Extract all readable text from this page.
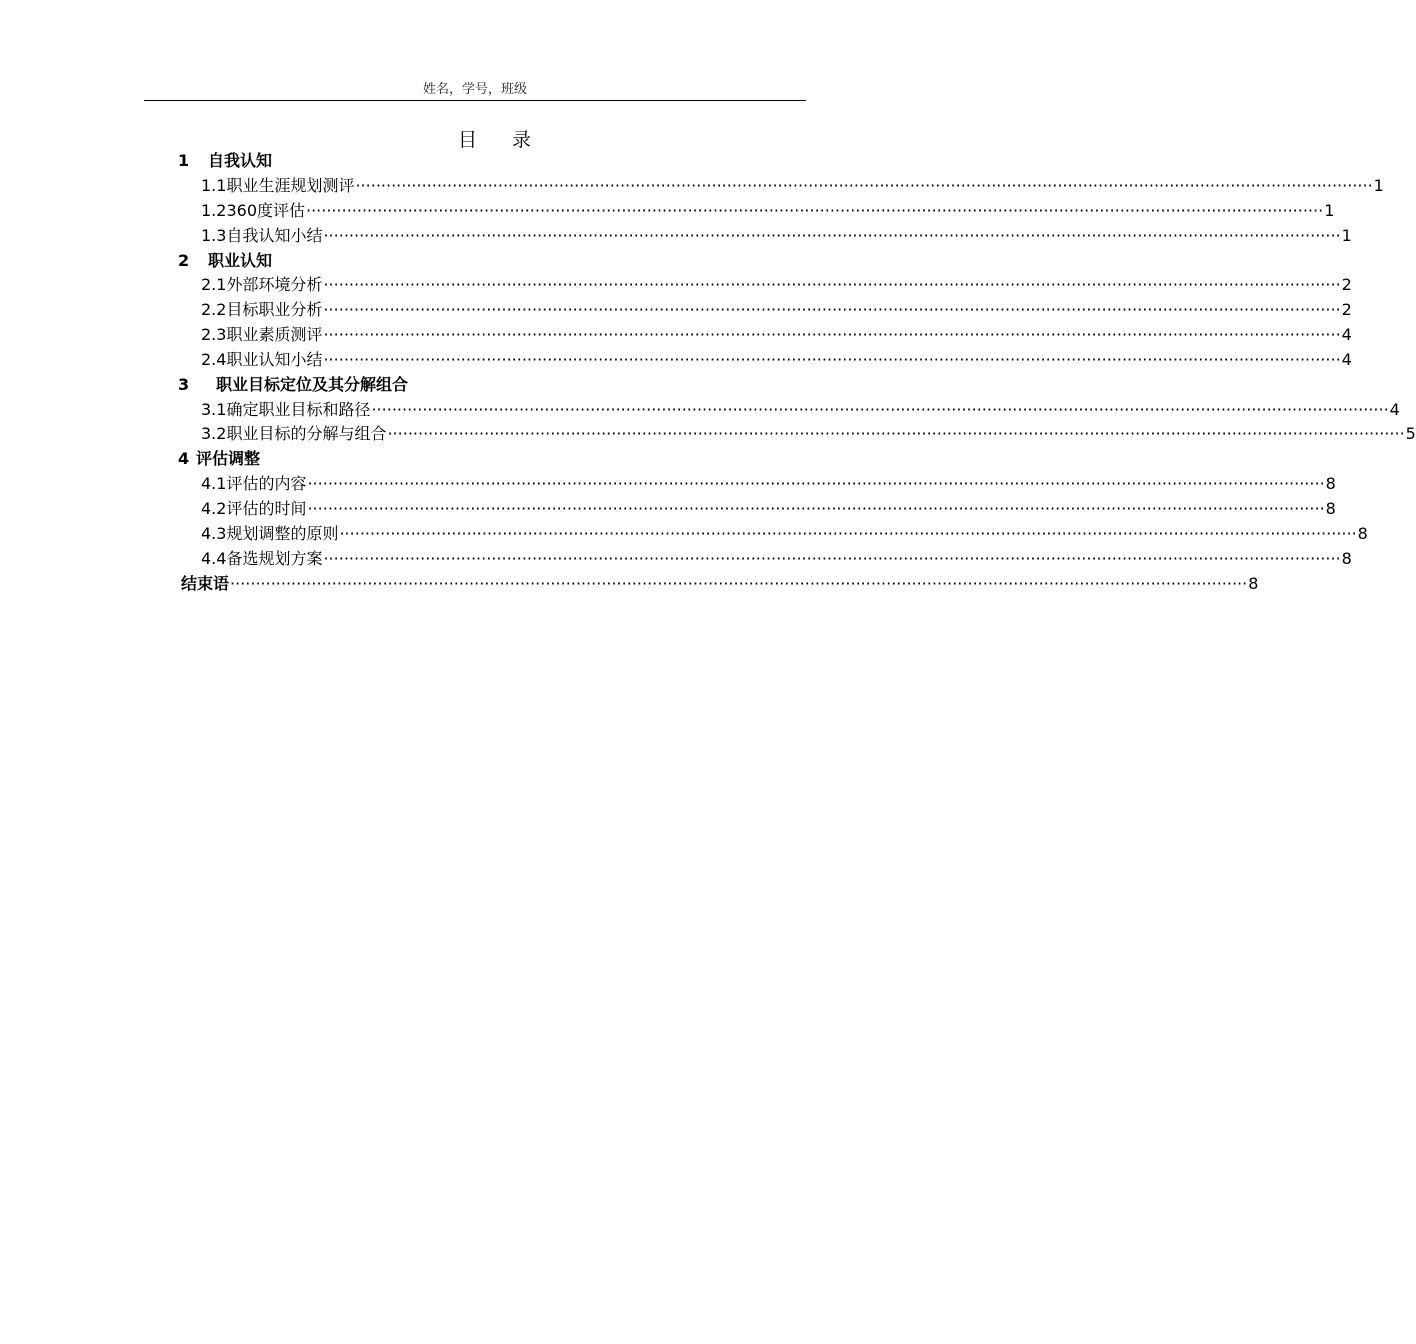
姓名，学号，班级
目 录
1	自我认知
1.1 职业生涯规划测评 ········································································································································································································ 1
1.2 360度评估 ········································································································································································································ 1
1.3 自我认知小结 ········································································································································································································ 1
2	职业认知
2.1 外部环境分析 ········································································································································································································ 2
2.2 目标职业分析 ········································································································································································································ 2
2.3 职业素质测评 ········································································································································································································ 4
2.4 职业认知小结 ········································································································································································································ 4
3	职业目标定位及其分解组合
3.1 确定职业目标和路径 ········································································································································································································ 4
3.2 职业目标的分解与组合 ········································································································································································································ 5
4 评估调整
4.1 评估的内容 ········································································································································································································ 8
4.2 评估的时间 ········································································································································································································ 8
4.3 规划调整的原则 ········································································································································································································ 8
4.4 备选规划方案 ········································································································································································································ 8
结束语 ········································································································································································································ 8
